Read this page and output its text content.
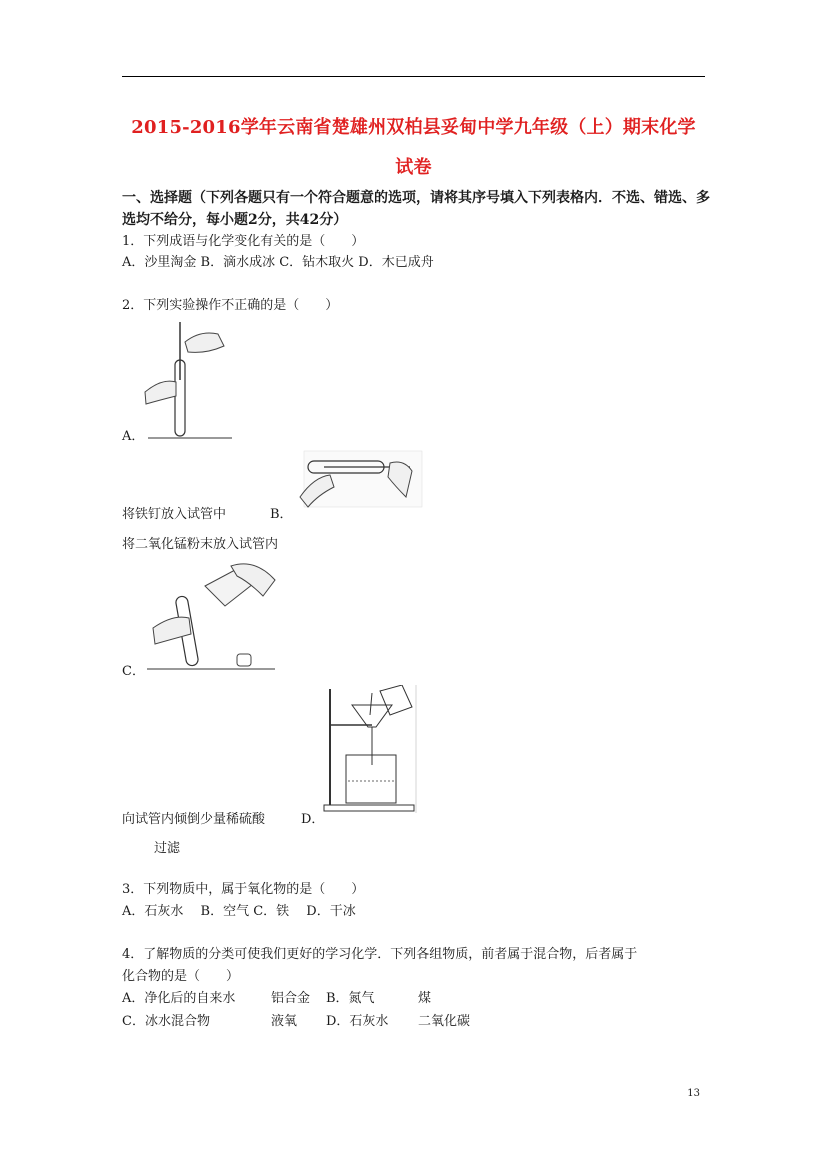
2015-2016学年云南省楚雄州双柏县妥甸中学九年级（上）期末化学
试卷
一、选择题（下列各题只有一个符合题意的选项，请将其序号填入下列表格内．不选、错选、多选均不给分，每小题2分，共42分）
1．下列成语与化学变化有关的是（　　）
A．沙里淘金 B．滴水成冰 C．钻木取火 D．木已成舟
2．下列实验操作不正确的是（　　）
A．
将铁钉放入试管中	B．
将二氧化锰粉末放入试管内
C．
向试管内倾倒少量稀硫酸	D．
过滤
3．下列物质中，属于氧化物的是（　　）
A．石灰水　 B．空气 C．铁　 D．干冰
4．了解物质的分类可使我们更好的学习化学．下列各组物质，前者属于混合物，后者属于
化合物的是（　　）
A．净化后的自来水	铝合金 B．氮气	煤
C．冰水混合物	液氧 D．石灰水 二氧化碳
13
